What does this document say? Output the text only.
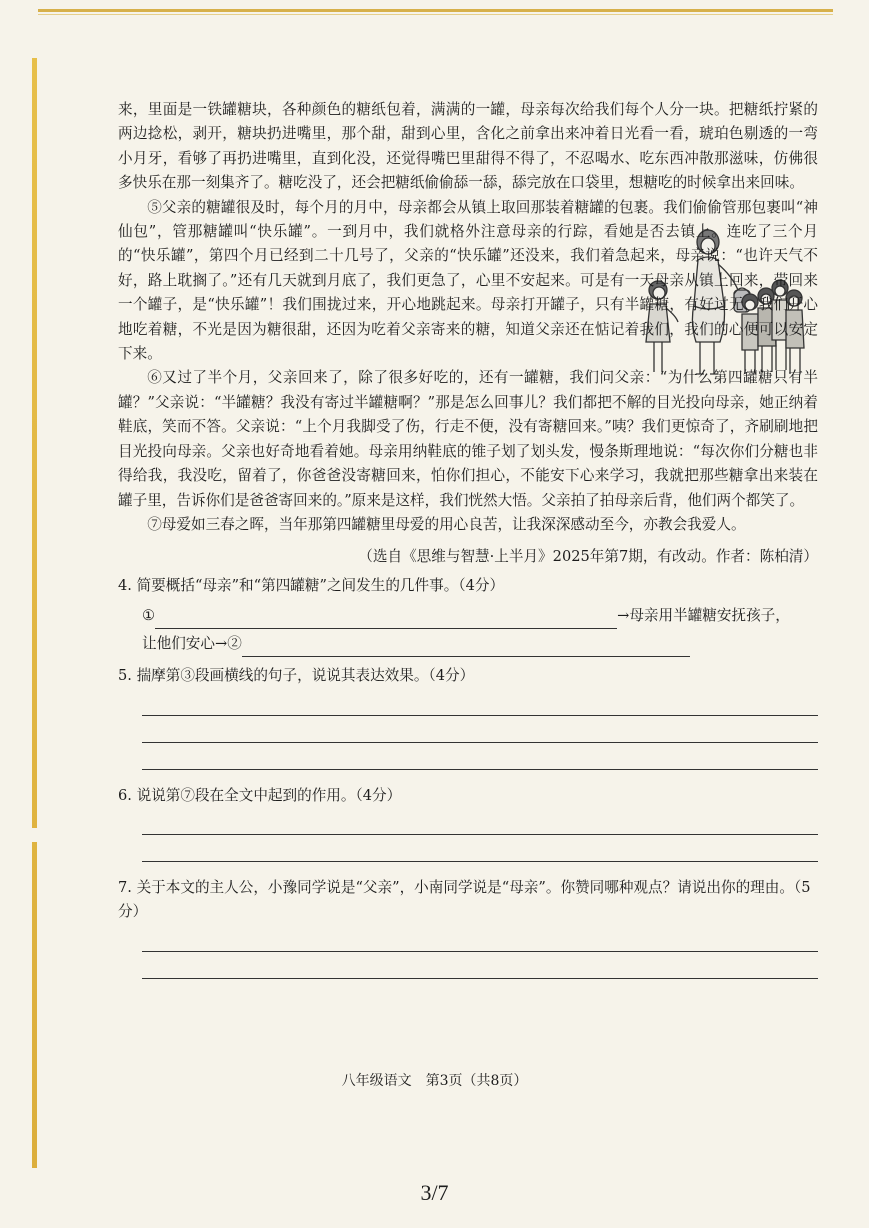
来，里面是一铁罐糖块，各种颜色的糖纸包着，满满的一罐，母亲每次给我们每个人分一块。把糖纸拧紧的两边捻松，剥开，糖块扔进嘴里，那个甜，甜到心里，含化之前拿出来冲着日光看一看，琥珀色剔透的一弯小月牙，看够了再扔进嘴里，直到化没，还觉得嘴巴里甜得不得了，不忍喝水、吃东西冲散那滋味，仿佛很多快乐在那一刻集齐了。糖吃没了，还会把糖纸偷偷舔一舔，舔完放在口袋里，想糖吃的时候拿出来回味。

⑤父亲的糖罐很及时，每个月的月中，母亲都会从镇上取回那装着糖罐的包裹。我们偷偷管那包裹叫“神仙包”，管那糖罐叫“快乐罐”。一到月中，我们就格外注意母亲的行踪，看她是否去镇上。连吃了三个月的“快乐罐”，第四个月已经到二十几号了，父亲的“快乐罐”还没来，我们着急起来，母亲说：“也许天气不好，路上耽搁了。”还有几天就到月底了，我们更急了，心里不安起来。可是有一天母亲从镇上回来，带回来一个罐子，是“快乐罐”！我们围拢过来，开心地跳起来。母亲打开罐子，只有半罐糖，有好过无，我们开心地吃着糖，不光是因为糖很甜，还因为吃着父亲寄来的糖，知道父亲还在惦记着我们，我们的心便可以安定下来。

⑥又过了半个月，父亲回来了，除了很多好吃的，还有一罐糖，我们问父亲：“为什么第四罐糖只有半罐？”父亲说：“半罐糖？我没有寄过半罐糖啊？”那是怎么回事儿？我们都把不解的目光投向母亲，她正纳着鞋底，笑而不答。父亲说：“上个月我脚受了伤，行走不便，没有寄糖回来。”咦？我们更惊奇了，齐刷刷地把目光投向母亲。父亲也好奇地看着她。母亲用纳鞋底的锥子划了划头发，慢条斯理地说：“每次你们分糖也非得给我，我没吃，留着了，你爸爸没寄糖回来，怕你们担心，不能安下心来学习，我就把那些糖拿出来装在罐子里，告诉你们是爸爸寄回来的。”原来是这样，我们恍然大悟。父亲拍了拍母亲后背，他们两个都笑了。

⑦母爱如三春之晖，当年那第四罐糖里母爱的用心良苦，让我深深感动至今，亦教会我爱人。

（选自《思维与智慧·上半月》2025年第7期，有改动。作者：陈柏清）

4. 简要概括“母亲”和“第四罐糖”之间发生的几件事。（4分）

①	→母亲用半罐糖安抚孩子，
让他们安心→②

5. 揣摩第③段画横线的句子，说说其表达效果。（4分）

6. 说说第⑦段在全文中起到的作用。（4分）

7. 关于本文的主人公，小豫同学说是“父亲”，小南同学说是“母亲”。你赞同哪种观点？请说出你的理由。（5分）

八年级语文　第3页（共8页）
3/7
